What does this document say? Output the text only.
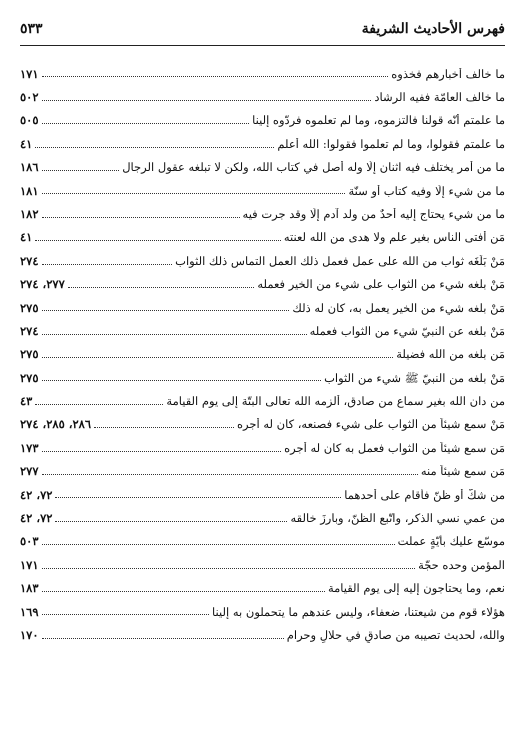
فهرس الأحاديث الشريفة
٥٣٣
ما خالف أخبارهم فخذوه
١٧١
ما خالف العامّة ففيه الرشاد
٥٠٢
ما علمتم أنّه قولنا فالتزموه، وما لم تعلموه فردّوه إلينا
٥٠٥
ما علمتم فقولوا، وما لم تعلموا فقولوا: الله أعلم
٤١
ما من أمر يختلف فيه اثنان إلّا وله أصل في كتاب الله، ولكن لا تبلغه عقول الرجال
١٨٦
ما من شيء إلّا وفيه كتاب أو سنّة
١٨١
ما من شيء يحتاج إليه أحدٌ من ولد آدم إلّا وقد جرت فيه
١٨٢
مَن أفتى الناس بغير علم ولا هدى من الله لعنته
٤١
مَنْ بَلَغَه ثواب من الله على عمل فعمل ذلك العمل التماس ذلك الثواب
٢٧٤
مَنْ بلغه شيء من الثواب على شيء من الخير فعمله
٢٧٧، ٢٧٤
مَنْ بلغه شيء من الخير يعمل به، كان له ذلك
٢٧٥
مَنْ بلغه عن النبيّ شيء من الثواب فعمله
٢٧٤
مَن بلغه من الله فضيلة
٢٧٥
مَنْ بلغه من النبيّ ﷺ شيء من الثواب
٢٧٥
من دان الله بغير سماع من صادق، ألزمه الله تعالى البتّة إلى يوم القيامة
٤٣
مَنْ سمع شيئاً من الثواب على شيء فصنعه، كان له أجره
٢٨٦، ٢٨٥، ٢٧٤
مَن سمع شيئاً من الثواب فعمل به كان له أجره
١٧٣
مَن سمع شيئاً منه
٢٧٧
من شكّ أو ظنّ فأقام على أحدهما
٧٢، ٤٢
من عمي نسي الذكر، واتّبع الظنّ، وبارزَ خالقه
٧٢، ٤٢
موسّع عليك بأيّةٍ عملت
٥٠٣
المؤمن وحده حجّة
١٧١
نعم، وما يحتاجون إليه إلى يوم القيامة
١٨٣
هؤلاء قوم من شيعتنا، ضعفاء، وليس عندهم ما يتحملون به إلينا
١٦٩
والله، لحديث تصيبه من صادقٍ في حلالٍ وحرام
١٧٠
